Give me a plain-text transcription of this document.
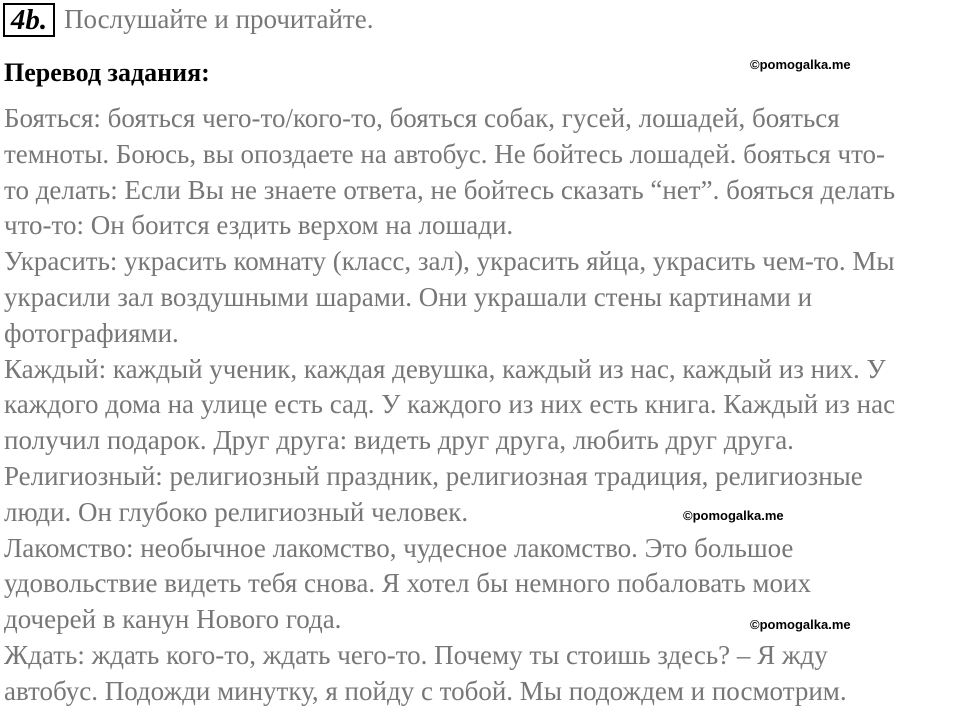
4b. Послушайте и прочитайте.
Перевод задания:	©pomogalka.me
©pomogalka.me
©pomogalka.me
Бояться: бояться чего-то/кого-то, бояться собак, гусей, лошадей, бояться
темноты. Боюсь, вы опоздаете на автобус. Не бойтесь лошадей. бояться что-
то делать: Если Вы не знаете ответа, не бойтесь сказать “нет”. бояться делать
что-то: Он боится ездить верхом на лошади.
Украсить: украсить комнату (класс, зал), украсить яйца, украсить чем-то. Мы
украсили зал воздушными шарами. Они украшали стены картинами и
фотографиями.
Каждый: каждый ученик, каждая девушка, каждый из нас, каждый из них. У
каждого дома на улице есть сад. У каждого из них есть книга. Каждый из нас
получил подарок. Друг друга: видеть друг друга, любить друг друга.
Религиозный: религиозный праздник, религиозная традиция, религиозные
люди. Он глубоко религиозный человек.
Лакомство: необычное лакомство, чудесное лакомство. Это большое
удовольствие видеть тебя снова. Я хотел бы немного побаловать моих
дочерей в канун Нового года.
Ждать: ждать кого-то, ждать чего-то. Почему ты стоишь здесь? – Я жду
автобус. Подожди минутку, я пойду с тобой. Мы подождем и посмотрим.
